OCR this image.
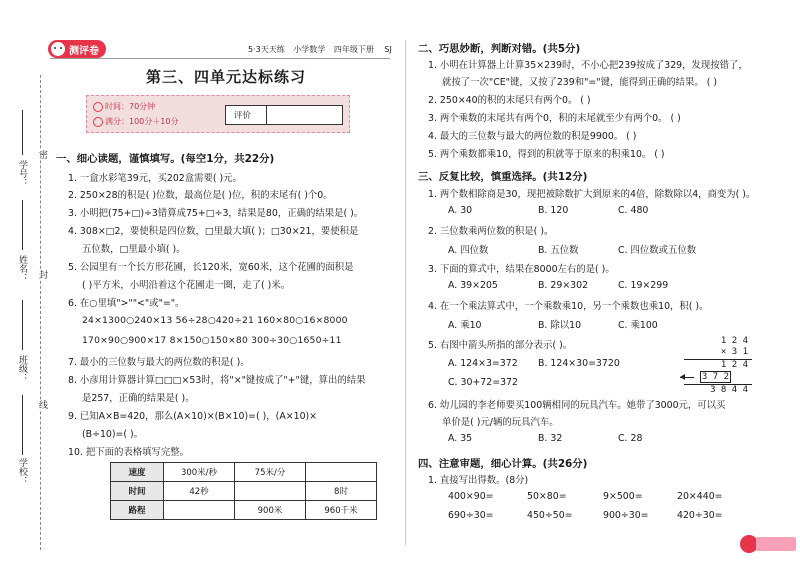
学号：
姓名：
班级：
学校：
密
封
线
测评卷	5·3天天练 小学数学 四年级下册 SJ
第三、四单元达标练习
时间：70分钟
满分：100分＋10分
评价
一、细心读题，谨慎填写。(每空1分，共22分)
1. 一盒水彩笔39元，买202盒需要( )元。
2. 250×28的积是( )位数，最高位是( )位，积的末尾有( )个0。
3. 小明把(75+□)÷3错算成75+□÷3，结果是80，正确的结果是( )。
4. 308×□2，要使积是四位数，□里最大填( )；□30×21，要使积是
五位数，□里最小填( )。
5. 公园里有一个长方形花圃，长120米，宽60米，这个花圃的面积是
( )平方米，小明沿着这个花圃走一圈，走了( )米。
6. 在○里填">""<"或"="。
24×1300○240×13 56÷28○420÷21 160×80○16×8000
170×90○900×17 8×150○150×80 300÷30○1650÷11
7. 最小的三位数与最大的两位数的积是( )。
8. 小彦用计算器计算□□□×53时，将"×"键按成了"+"键，算出的结果
是257，正确的结果是( )。
9. 已知A×B=420，那么(A×10)×(B×10)=( )，(A×10)×
(B÷10)=( )。
10. 把下面的表格填写完整。
速度	300米/秒	75米/分	
时间	42秒		8时
路程		900米	960千米
二、巧思妙断，判断对错。(共5分)
1. 小明在计算器上计算35×239时，不小心把239按成了329，发现按错了，
就按了一次"CE"键，又按了239和"="键，能得到正确的结果。 ( )
2. 250×40的积的末尾只有两个0。 ( )
3. 两个乘数的末尾共有两个0，积的末尾就至少有两个0。 ( )
4. 最大的三位数与最大的两位数的积是9900。 ( )
5. 两个乘数都乘10，得到的积就等于原来的积乘10。 ( )
三、反复比较，慎重选择。(共12分)
1. 两个数相除商是30，现把被除数扩大到原来的4倍，除数除以4，商变为( )。
A. 30	B. 120	C. 480
2. 三位数乘两位数的积是( )。
A. 四位数	B. 五位数	C. 四位数或五位数
3. 下面的算式中，结果在8000左右的是( )。
A. 39×205	B. 29×302	C. 19×299
4. 在一个乘法算式中，一个乘数乘10，另一个乘数也乘10，积( )。
A. 乘10	B. 除以10	C. 乘100
5. 右图中箭头所指的部分表示( )。
A. 124×3=372 B. 124×30=3720
C. 30+72=372
1 2 4
× 3 1
1 2 4
3 7 2
3 8 4 4
6. 幼儿园的李老师要买100辆相同的玩具汽车。她带了3000元，可以买
单价是( )元/辆的玩具汽车。
A. 35	B. 32	C. 28
四、注意审题，细心计算。(共26分)
1. 直接写出得数。(8分)
400×90=	50×80=	9×500=	20×440=
690÷30=	450÷50=	900÷30=	420÷30=
